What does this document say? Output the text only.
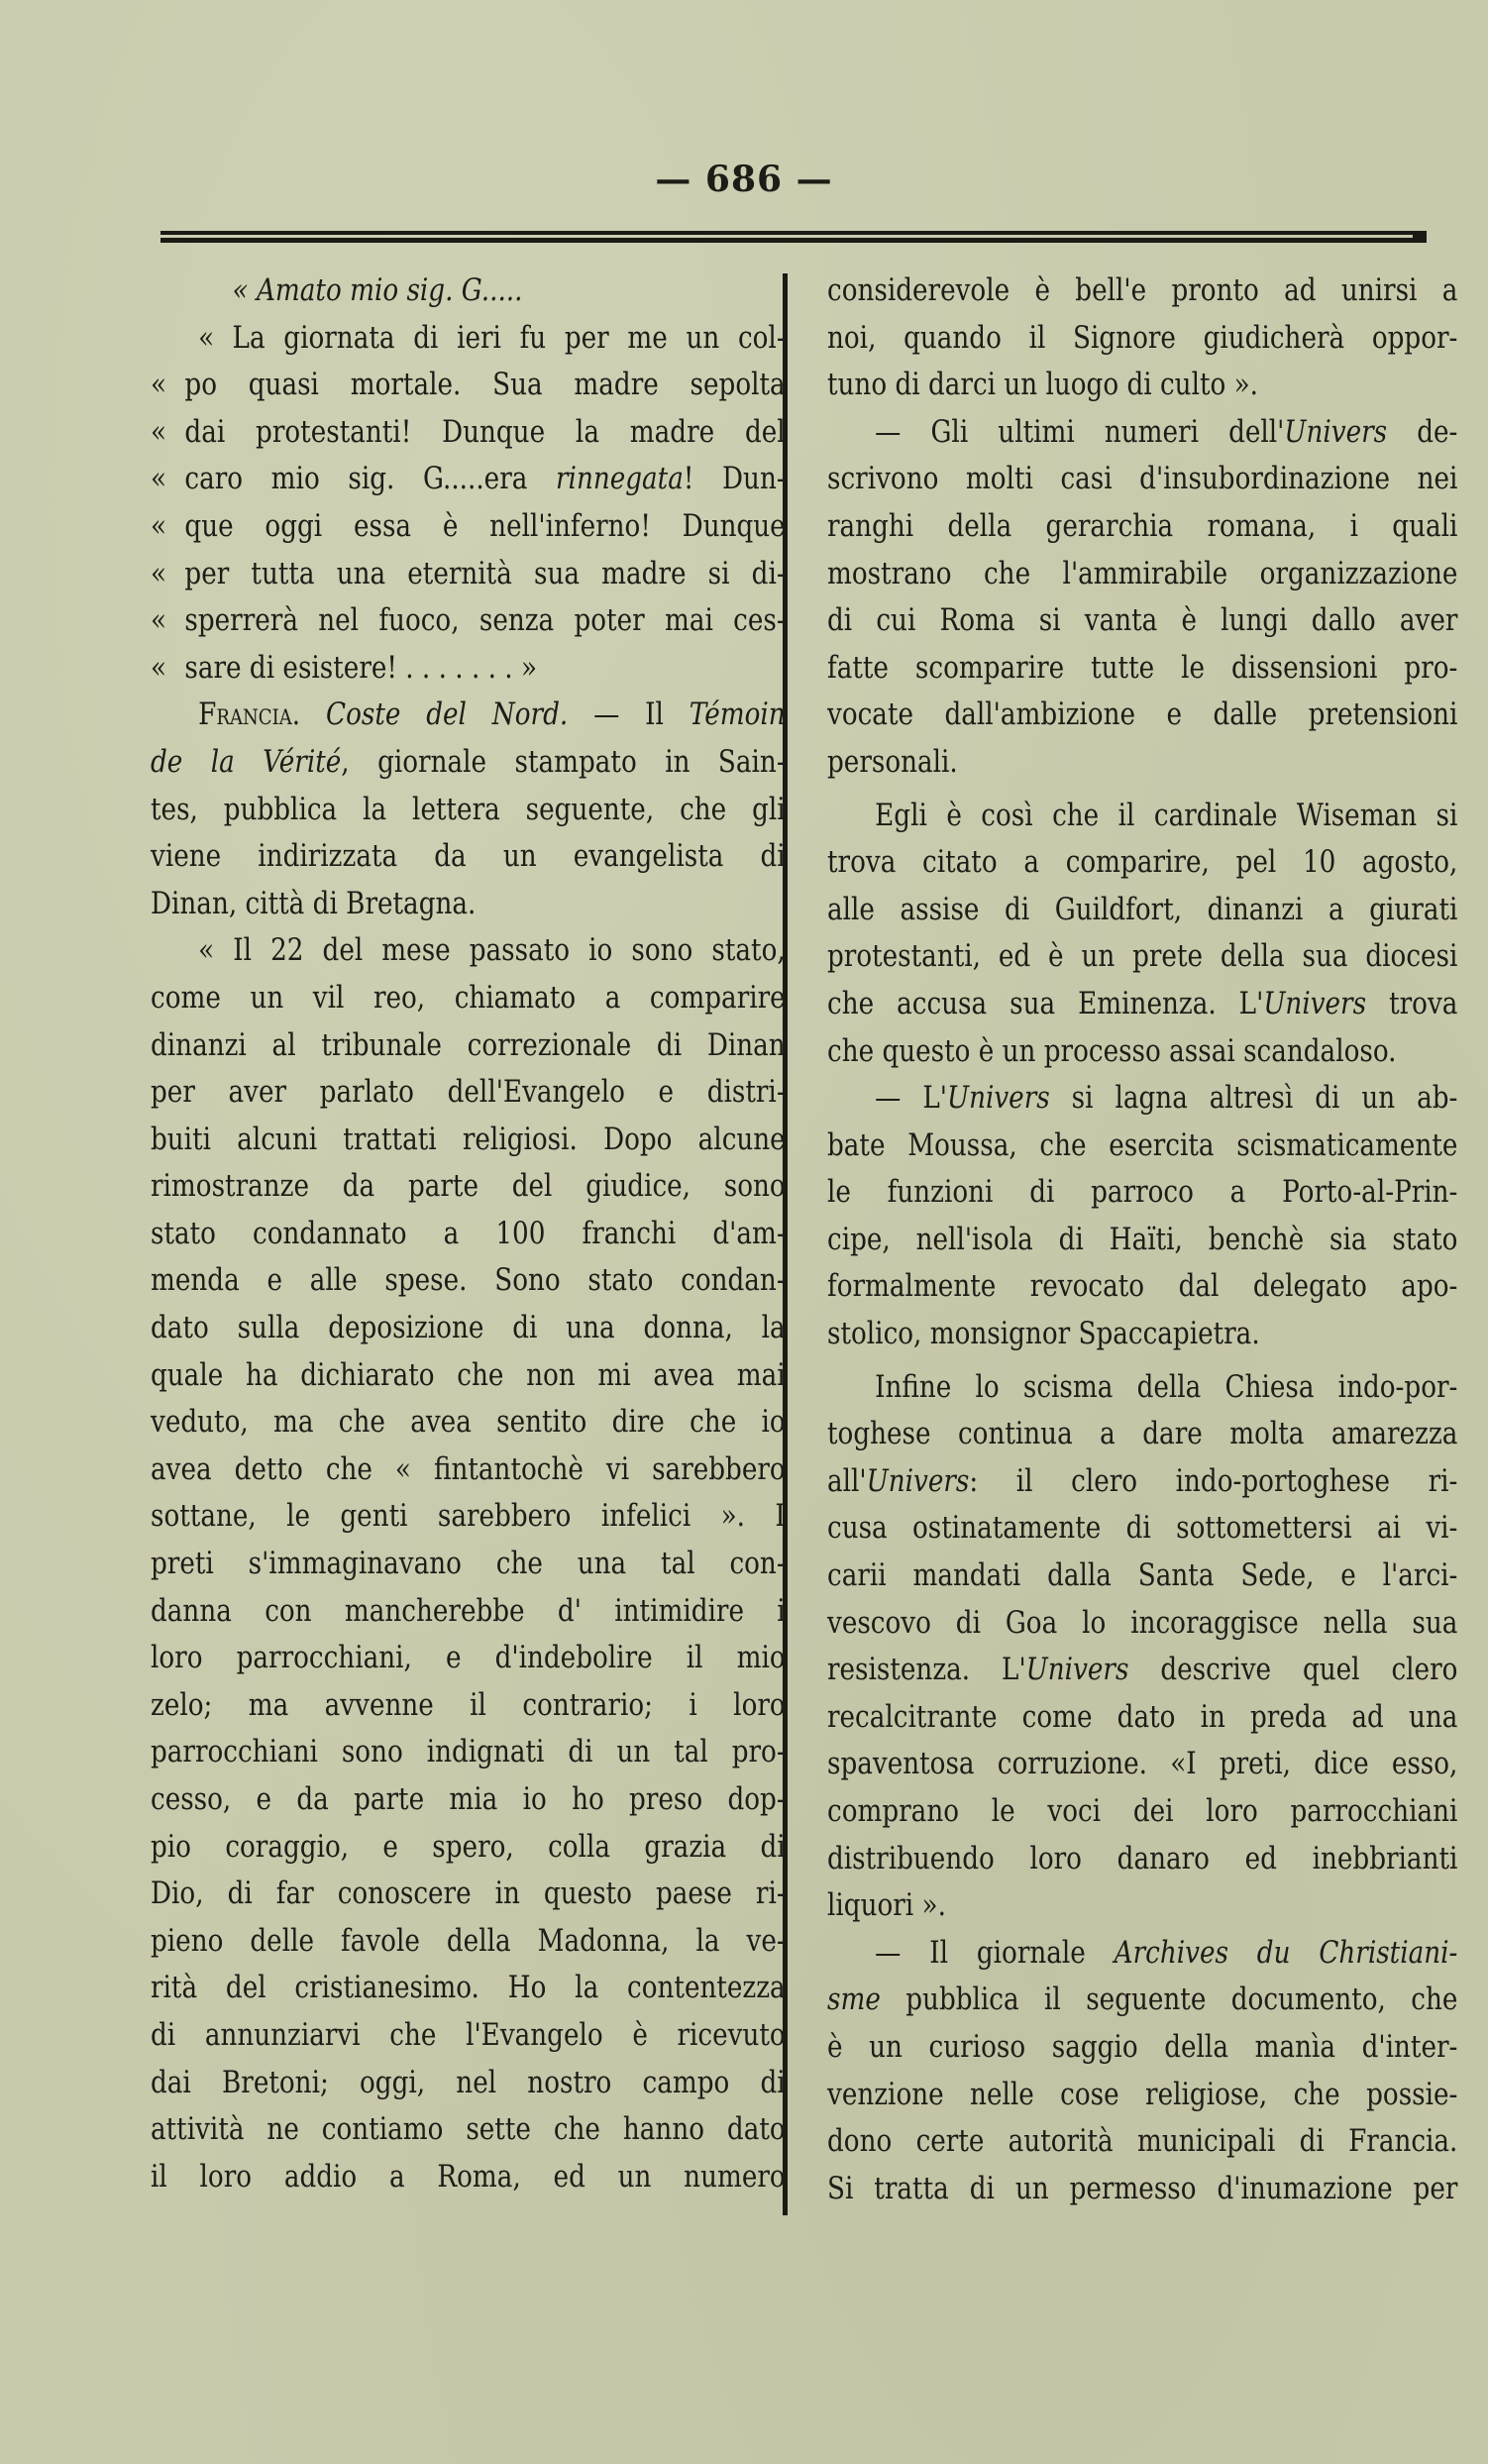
— 686 —
« Amato mio sig. G.....
« La giornata di ieri fu per me un col-
« po quasi mortale. Sua madre sepolta
« dai protestanti! Dunque la madre del
« caro mio sig. G.....era rinnegata! Dun-
« que oggi essa è nell'inferno! Dunque
« per tutta una eternità sua madre si di-
« sperrerà nel fuoco, senza poter mai ces-
« sare di esistere! . . . . . . . »
Francia. Coste del Nord. — Il Témoin
de la Vérité, giornale stampato in Sain-
tes, pubblica la lettera seguente, che gli
viene indirizzata da un evangelista di
Dinan, città di Bretagna.
« Il 22 del mese passato io sono stato,
come un vil reo, chiamato a comparire
dinanzi al tribunale correzionale di Dinan
per aver parlato dell'Evangelo e distri-
buiti alcuni trattati religiosi. Dopo alcune
rimostranze da parte del giudice, sono
stato condannato a 100 franchi d'am-
menda e alle spese. Sono stato condan-
dato sulla deposizione di una donna, la
quale ha dichiarato che non mi avea mai
veduto, ma che avea sentito dire che io
avea detto che « fintantochè vi sarebbero
sottane, le genti sarebbero infelici ». I
preti s'immaginavano che una tal con-
danna con mancherebbe d' intimidire i
loro parrocchiani, e d'indebolire il mio
zelo; ma avvenne il contrario; i loro
parrocchiani sono indignati di un tal pro-
cesso, e da parte mia io ho preso dop-
pio coraggio, e spero, colla grazia di
Dio, di far conoscere in questo paese ri-
pieno delle favole della Madonna, la ve-
rità del cristianesimo. Ho la contentezza
di annunziarvi che l'Evangelo è ricevuto
dai Bretoni; oggi, nel nostro campo di
attività ne contiamo sette che hanno dato
il loro addio a Roma, ed un numero
considerevole è bell'e pronto ad unirsi a
noi, quando il Signore giudicherà oppor-
tuno di darci un luogo di culto ».
— Gli ultimi numeri dell'Univers de-
scrivono molti casi d'insubordinazione nei
ranghi della gerarchia romana, i quali
mostrano che l'ammirabile organizzazione
di cui Roma si vanta è lungi dallo aver
fatte scomparire tutte le dissensioni pro-
vocate dall'ambizione e dalle pretensioni
personali.
Egli è così che il cardinale Wiseman si
trova citato a comparire, pel 10 agosto,
alle assise di Guildfort, dinanzi a giurati
protestanti, ed è un prete della sua diocesi
che accusa sua Eminenza. L'Univers trova
che questo è un processo assai scandaloso.
— L'Univers si lagna altresì di un ab-
bate Moussa, che esercita scismaticamente
le funzioni di parroco a Porto-al-Prin-
cipe, nell'isola di Haïti, benchè sia stato
formalmente revocato dal delegato apo-
stolico, monsignor Spaccapietra.
Infine lo scisma della Chiesa indo-por-
toghese continua a dare molta amarezza
all'Univers: il clero indo-portoghese ri-
cusa ostinatamente di sottomettersi ai vi-
carii mandati dalla Santa Sede, e l'arci-
vescovo di Goa lo incoraggisce nella sua
resistenza. L'Univers descrive quel clero
recalcitrante come dato in preda ad una
spaventosa corruzione. «I preti, dice esso,
comprano le voci dei loro parrocchiani
distribuendo loro danaro ed inebbrianti
liquori ».
— Il giornale Archives du Christiani-
sme pubblica il seguente documento, che
è un curioso saggio della manìa d'inter-
venzione nelle cose religiose, che possie-
dono certe autorità municipali di Francia.
Si tratta di un permesso d'inumazione per
